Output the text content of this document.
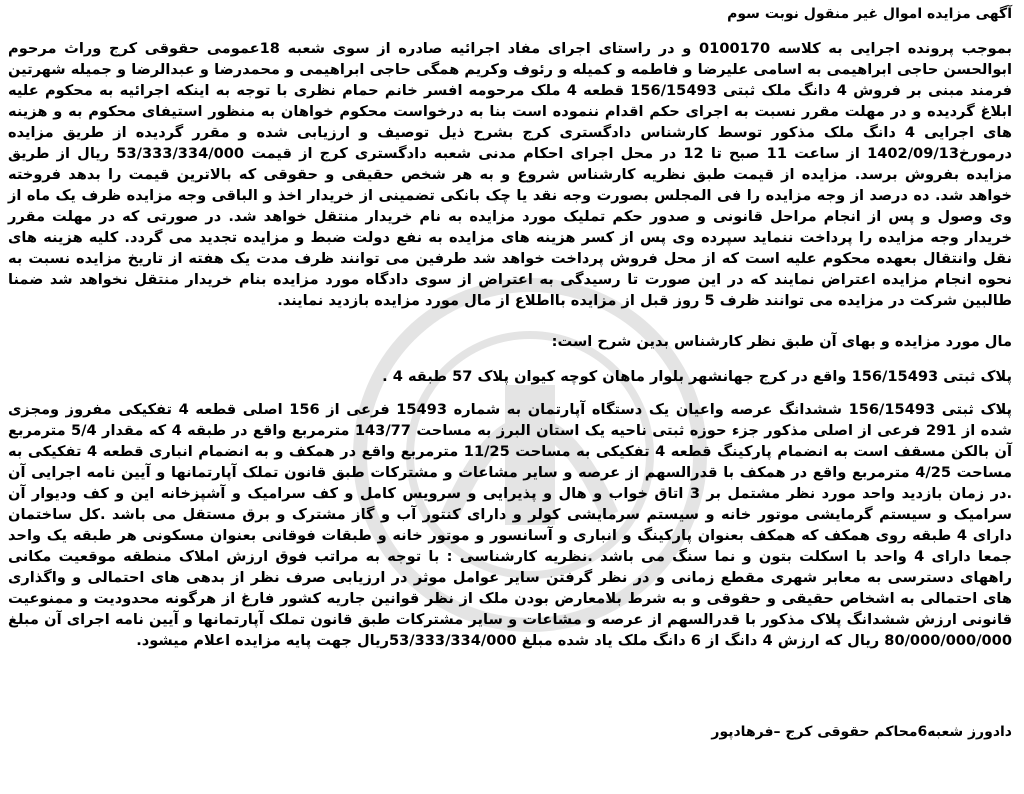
آگهی مزایده اموال غیر منقول نوبت سوم
بموجب پرونده اجرایی به کلاسه 0100170 و در راستای اجرای مفاد اجرائیه صادره از سوی شعبه 18عمومی حقوقی کرج وراث مرحوم ابوالحسن حاجی ابراهیمی به اسامی علیرضا و فاطمه و کمیله و رئوف وکریم همگی حاجی ابراهیمی و محمدرضا و عبدالرضا و جمیله شهرتین فرمند مبنی بر فروش 4 دانگ ملک ثبتی 156/15493 قطعه 4 ملک مرحومه افسر خانم حمام نظری با توجه به اینکه اجرائیه به محکوم علیه ابلاغ گردیده و در مهلت مقرر نسبت به اجرای حکم اقدام ننموده است بنا به درخواست محکوم خواهان به منظور استیفای محکوم به و هزینه های اجرایی 4 دانگ ملک مذکور توسط کارشناس دادگستری کرج بشرح ذیل توصیف و ارزیابی شده و مقرر گردیده از طریق مزایده درمورخ1402/09/13 از ساعت 11 صبح تا 12 در محل اجرای احکام مدنی شعبه دادگستری کرج از قیمت 53/333/334/000 ریال از طریق مزایده بفروش برسد. مزایده از قیمت طبق نظریه کارشناس شروع و به هر شخص حقیقی و حقوقی که بالاترین قیمت را بدهد فروخته خواهد شد. ده درصد از وجه مزایده را فی المجلس بصورت وجه نقد یا چک بانکی تضمینی از خریدار اخذ و الباقی وجه مزایده ظرف یک ماه از وی وصول و پس از انجام مراحل قانونی و صدور حکم تملیک مورد مزایده به نام خریدار منتقل خواهد شد. در صورتی که در مهلت مقرر خریدار وجه مزایده را پرداخت ننماید سپرده وی پس از کسر هزینه های مزایده به نفع دولت ضبط و مزایده تجدید می گردد. کلیه هزینه های نقل وانتقال بعهده محکوم علیه است که از محل فروش پرداخت خواهد شد طرفین می توانند ظرف مدت یک هفته از تاریخ مزایده نسبت به نحوه انجام مزایده اعتراض نمایند که در این صورت تا رسیدگی به اعتراض از سوی دادگاه مورد مزایده بنام خریدار منتقل نخواهد شد ضمنا طالبین شرکت در مزایده می توانند ظرف 5 روز قبل از مزایده بااطلاع از مال مورد مزایده بازدید نمایند.
مال مورد مزایده و بهای آن طبق نظر کارشناس بدین شرح است:
پلاک ثبتی 156/15493 واقع در کرج جهانشهر بلوار ماهان کوچه کیوان پلاک 57 طبقه 4 .
پلاک ثبتی 156/15493 ششدانگ عرصه واعیان یک دستگاه آپارتمان به شماره 15493 فرعی از 156 اصلی قطعه 4 تفکیکی مفروز ومجزی شده از 291 فرعی از اصلی مذکور جزء حوزه ثبتی ناحیه یک استان البرز به مساحت 143/77 مترمربع واقع در طبقه 4 که مقدار 5/4 مترمربع آن بالکن مسقف است به انضمام پارکینگ قطعه 4 تفکیکی به مساحت 11/25 مترمربع واقع در همکف و به انضمام انباری قطعه 4 تفکیکی به مساحت 4/25 مترمربع واقع در همکف با قدرالسهم از عرصه و سایر مشاعات و مشترکات طبق قانون تملک آپارتمانها و آیین نامه اجرایی آن .در زمان بازدید واحد مورد نظر مشتمل بر 3 اتاق خواب و هال و پذیرایی و سرویس کامل و کف سرامیک و آشپزخانه این و کف ودیوار آن سرامیک و سیستم گرمایشی موتور خانه و سیستم سرمایشی کولر و دارای کنتور آب و گاز مشترک و برق مستقل می باشد .کل ساختمان دارای 4 طبقه روی همکف که همکف بعنوان پارکینگ و انباری و آسانسور و موتور خانه و طبقات فوقانی بعنوان مسکونی هر طبقه یک واحد جمعا دارای 4 واحد با اسکلت بتون و نما سنگ می باشد .نظریه کارشناسی : با توجه به مراتب فوق ارزش املاک منطقه موقعیت مکانی راههای دسترسی به معابر شهری مقطع زمانی و در نظر گرفتن سایر عوامل موثر در ارزیابی صرف نظر از بدهی های احتمالی و واگذاری های احتمالی به اشخاص حقیقی و حقوقی و به شرط بلامعارض بودن ملک از نظر قوانین جاریه کشور فارغ از هرگونه محدودیت و ممنوعیت قانونی ارزش ششدانگ پلاک مذکور با قدرالسهم از عرصه و مشاعات و سایر مشترکات طبق قانون تملک آپارتمانها و آیین نامه اجرای آن مبلغ 80/000/000/000 ریال که ارزش 4 دانگ از 6 دانگ ملک یاد شده مبلغ 53/333/334/000ریال جهت پایه مزایده اعلام میشود.
دادورز شعبه6محاکم حقوقی کرج –فرهادپور
